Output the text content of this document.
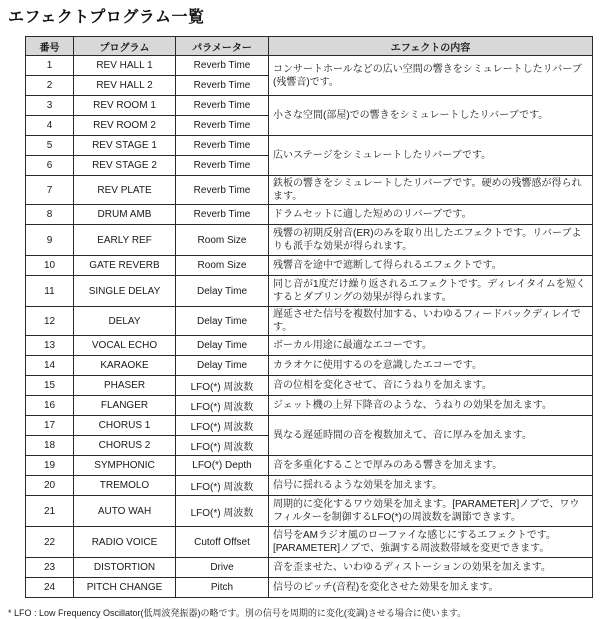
エフェクトプログラム一覧
番号	プログラム	パラメーター	エフェクトの内容
1	REV HALL 1	Reverb Time	コンサートホールなどの広い空間の響きをシミュレートしたリバーブ(残響音)です。
2	REV HALL 2	Reverb Time	
3	REV ROOM 1	Reverb Time	小さな空間(部屋)での響きをシミュレートしたリバーブです。
4	REV ROOM 2	Reverb Time	
5	REV STAGE 1	Reverb Time	広いステージをシミュレートしたリバーブです。
6	REV STAGE 2	Reverb Time	
7	REV PLATE	Reverb Time	鉄板の響きをシミュレートしたリバーブです。硬めの残響感が得られます。
8	DRUM AMB	Reverb Time	ドラムセットに適した短めのリバーブです。
9	EARLY REF	Room Size	残響の初期反射音(ER)のみを取り出したエフェクトです。リバーブよりも派手な効果が得られます。
10	GATE REVERB	Room Size	残響音を途中で遮断して得られるエフェクトです。
11	SINGLE DELAY	Delay Time	同じ音が1度だけ繰り返されるエフェクトです。ディレイタイムを短くするとダブリングの効果が得られます。
12	DELAY	Delay Time	遅延させた信号を複数付加する、いわゆるフィードバックディレイです。
13	VOCAL ECHO	Delay Time	ボーカル用途に最適なエコーです。
14	KARAOKE	Delay Time	カラオケに使用するのを意識したエコーです。
15	PHASER	LFO(*) 周波数	音の位相を変化させて、音にうねりを加えます。
16	FLANGER	LFO(*) 周波数	ジェット機の上昇下降音のような、うねりの効果を加えます。
17	CHORUS 1	LFO(*) 周波数	異なる遅延時間の音を複数加えて、音に厚みを加えます。
18	CHORUS 2	LFO(*) 周波数	
19	SYMPHONIC	LFO(*) Depth	音を多重化することで厚みのある響きを加えます。
20	TREMOLO	LFO(*) 周波数	信号に揺れるような効果を加えます。
21	AUTO WAH	LFO(*) 周波数	周期的に変化するワウ効果を加えます。[PARAMETER]ノブで、ワウフィルターを制御するLFO(*)の周波数を調節できます。
22	RADIO VOICE	Cutoff Offset	信号をAMラジオ風のローファイな感じにするエフェクトです。[PARAMETER]ノブで、強調する周波数帯域を変更できます。
23	DISTORTION	Drive	音を歪ませた、いわゆるディストーションの効果を加えます。
24	PITCH CHANGE	Pitch	信号のピッチ(音程)を変化させた効果を加えます。

* LFO : Low Frequency Oscillator(低周波発振器)の略です。別の信号を周期的に変化(変調)させる場合に使います。
